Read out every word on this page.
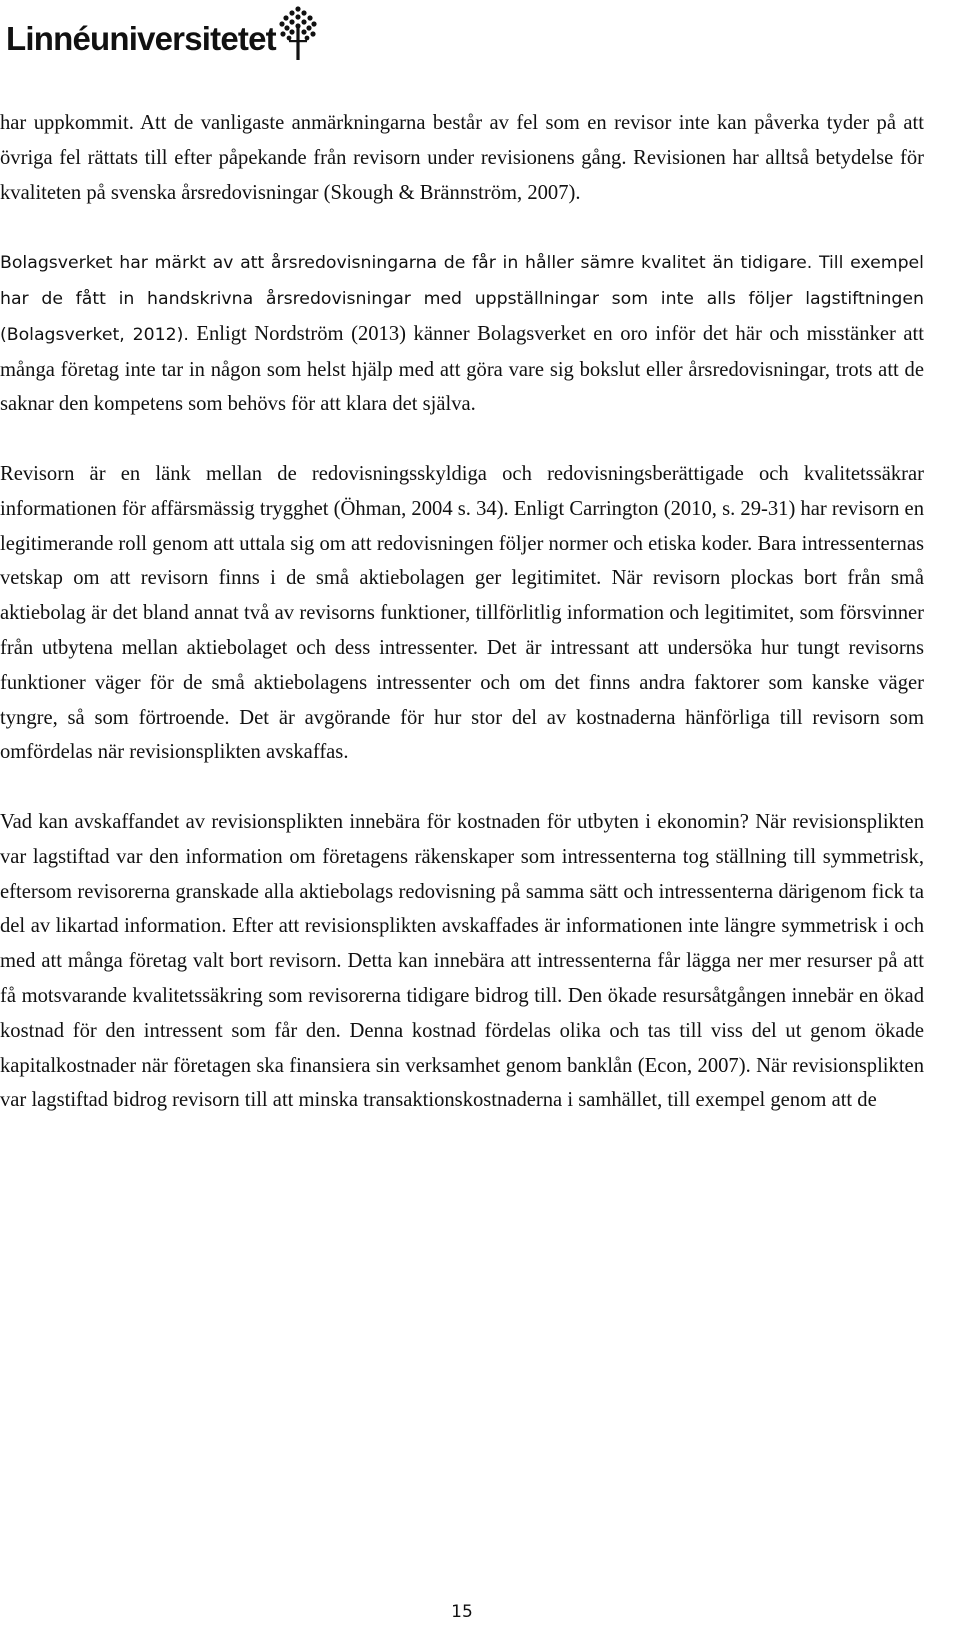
Linnéuniversitetet

har uppkommit. Att de vanligaste anmärkningarna består av fel som en revisor inte kan påverka tyder på att övriga fel rättats till efter påpekande från revisorn under revisionens gång. Revisionen har alltså betydelse för kvaliteten på svenska årsredovisningar (Skough & Brännström, 2007).

Bolagsverket har märkt av att årsredovisningarna de får in håller sämre kvalitet än tidigare. Till exempel har de fått in handskrivna årsredovisningar med uppställningar som inte alls följer lagstiftningen (Bolagsverket, 2012). Enligt Nordström (2013) känner Bolagsverket en oro inför det här och misstänker att många företag inte tar in någon som helst hjälp med att göra vare sig bokslut eller årsredovisningar, trots att de saknar den kompetens som behövs för att klara det själva.

Revisorn är en länk mellan de redovisningsskyldiga och redovisningsberättigade och kvalitetssäkrar informationen för affärsmässig trygghet (Öhman, 2004 s. 34). Enligt Carrington (2010, s. 29-31) har revisorn en legitimerande roll genom att uttala sig om att redovisningen följer normer och etiska koder. Bara intressenternas vetskap om att revisorn finns i de små aktiebolagen ger legitimitet. När revisorn plockas bort från små aktiebolag är det bland annat två av revisorns funktioner, tillförlitlig information och legitimitet, som försvinner från utbytena mellan aktiebolaget och dess intressenter. Det är intressant att undersöka hur tungt revisorns funktioner väger för de små aktiebolagens intressenter och om det finns andra faktorer som kanske väger tyngre, så som förtroende. Det är avgörande för hur stor del av kostnaderna hänförliga till revisorn som omfördelas när revisionsplikten avskaffas.

Vad kan avskaffandet av revisionsplikten innebära för kostnaden för utbyten i ekonomin? När revisionsplikten var lagstiftad var den information om företagens räkenskaper som intressenterna tog ställning till symmetrisk, eftersom revisorerna granskade alla aktiebolags redovisning på samma sätt och intressenterna därigenom fick ta del av likartad information. Efter att revisionsplikten avskaffades är informationen inte längre symmetrisk i och med att många företag valt bort revisorn. Detta kan innebära att intressenterna får lägga ner mer resurser på att få motsvarande kvalitetssäkring som revisorerna tidigare bidrog till. Den ökade resursåtgången innebär en ökad kostnad för den intressent som får den. Denna kostnad fördelas olika och tas till viss del ut genom ökade kapitalkostnader när företagen ska finansiera sin verksamhet genom banklån (Econ, 2007). När revisionsplikten var lagstiftad bidrog revisorn till att minska transaktionskostnaderna i samhället, till exempel genom att de

15
